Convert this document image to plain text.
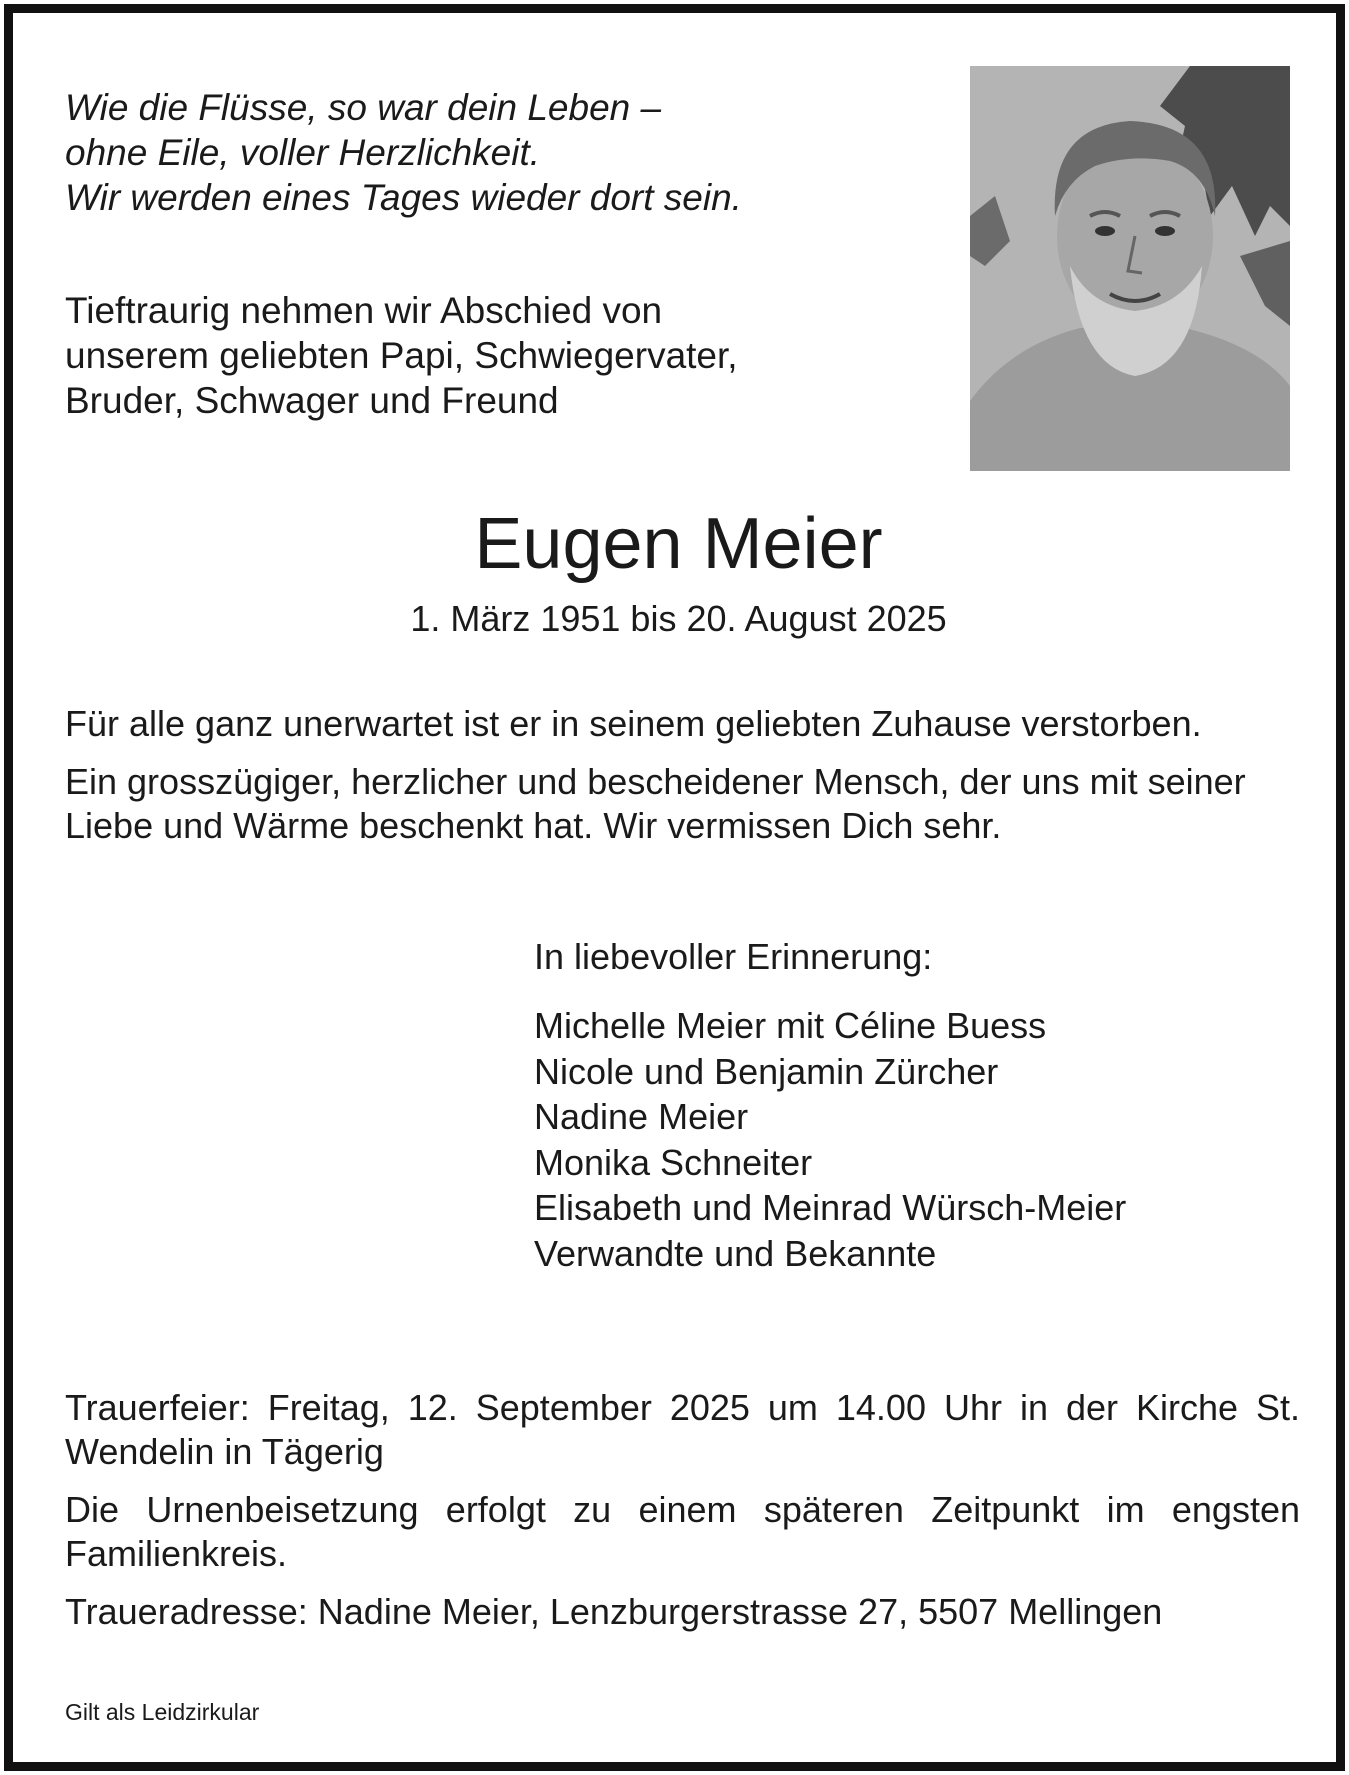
Wie die Flüsse, so war dein Leben –
ohne Eile, voller Herzlichkeit.
Wir werden eines Tages wieder dort sein.
Tieftraurig nehmen wir Abschied von
unserem geliebten Papi, Schwiegervater,
Bruder, Schwager und Freund
Eugen Meier
1. März 1951 bis 20. August 2025

Für alle ganz unerwartet ist er in seinem geliebten Zuhause verstorben.

Ein grosszügiger, herzlicher und bescheidener Mensch, der uns mit seiner Liebe und Wärme beschenkt hat. Wir vermissen Dich sehr.

In liebevoller Erinnerung:
Michelle Meier mit Céline Buess
Nicole und Benjamin Zürcher
Nadine Meier
Monika Schneiter
Elisabeth und Meinrad Würsch-Meier
Verwandte und Bekannte

Trauerfeier: Freitag, 12. September 2025 um 14.00 Uhr in der Kirche St. Wendelin in Tägerig

Die Urnenbeisetzung erfolgt zu einem späteren Zeitpunkt im engsten Familienkreis.

Traueradresse: Nadine Meier, Lenzburgerstrasse 27, 5507 Mellingen

Gilt als Leidzirkular
